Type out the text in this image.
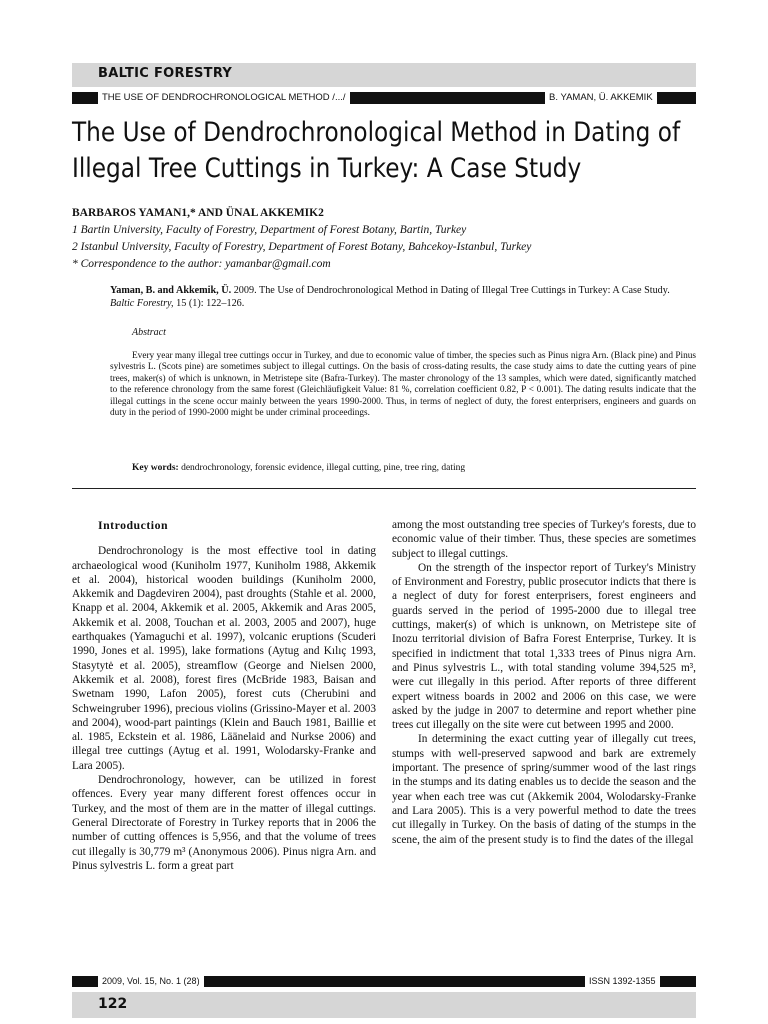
BALTIC FORESTRY
THE USE OF DENDROCHRONOLOGICAL METHOD /.../	B. YAMAN, Ü. AKKEMIK
The Use of Dendrochronological Method in Dating of
Illegal Tree Cuttings in Turkey: A Case Study
BARBAROS YAMAN1,* AND ÜNAL AKKEMIK2
1 Bartin University, Faculty of Forestry, Department of Forest Botany, Bartin, Turkey
2 Istanbul University, Faculty of Forestry, Department of Forest Botany, Bahcekoy-Istanbul, Turkey
* Correspondence to the author: yamanbar@gmail.com
Yaman, B. and Akkemik, Ü. 2009. The Use of Dendrochronological Method in Dating of Illegal Tree Cuttings in Turkey: A Case Study. Baltic Forestry, 15 (1): 122–126.
Abstract
Every year many illegal tree cuttings occur in Turkey, and due to economic value of timber, the species such as Pinus nigra Arn. (Black pine) and Pinus sylvestris L. (Scots pine) are sometimes subject to illegal cuttings. On the basis of cross-dating results, the case study aims to date the cutting years of pine trees, maker(s) of which is unknown, in Metristepe site (Bafra-Turkey). The master chronology of the 13 samples, which were dated, significantly matched to the reference chronology from the same forest (Gleichläufigkeit Value: 81 %, correlation coefficient 0.82, P < 0.001). The dating results indicate that the illegal cuttings in the scene occur mainly between the years 1990-2000. Thus, in terms of neglect of duty, the forest enterprisers, engineers and guards on duty in the period of 1990-2000 might be under criminal proceedings.
Key words: dendrochronology, forensic evidence, illegal cutting, pine, tree ring, dating

Introduction

Dendrochronology is the most effective tool in dating archaeological wood (Kuniholm 1977, Kuniholm 1988, Akkemik et al. 2004), historical wooden buildings (Kuniholm 2000, Akkemik and Dagdeviren 2004), past droughts (Stahle et al. 2000, Knapp et al. 2004, Akkemik et al. 2005, Akkemik and Aras 2005, Akkemik et al. 2008, Touchan et al. 2003, 2005 and 2007), huge earthquakes (Yamaguchi et al. 1997), volcanic eruptions (Scuderi 1990, Jones et al. 1995), lake formations (Aytug and Kılıç 1993, Stasytytė et al. 2005), streamflow (George and Nielsen 2000, Akkemik et al. 2008), forest fires (McBride 1983, Baisan and Swetnam 1990, Lafon 2005), forest cuts (Cherubini and Schweingruber 1996), precious violins (Grissino-Mayer et al. 2003 and 2004), wood-part paintings (Klein and Bauch 1981, Baillie et al. 1985, Eckstein et al. 1986, Läänelaid and Nurkse 2006) and illegal tree cuttings (Aytug et al. 1991, Wolodarsky-Franke and Lara 2005).

Dendrochronology, however, can be utilized in forest offences. Every year many different forest offences occur in Turkey, and the most of them are in the matter of illegal cuttings. General Directorate of Forestry in Turkey reports that in 2006 the number of cutting offences is 5,956, and that the volume of trees cut illegally is 30,779 m³ (Anonymous 2006). Pinus nigra Arn. and Pinus sylvestris L. form a great part

among the most outstanding tree species of Turkey's forests, due to economic value of their timber. Thus, these species are sometimes subject to illegal cuttings.

On the strength of the inspector report of Turkey's Ministry of Environment and Forestry, public prosecutor indicts that there is a neglect of duty for forest enterprisers, forest engineers and guards served in the period of 1995-2000 due to illegal tree cuttings, maker(s) of which is unknown, on Metristepe site of Inozu territorial division of Bafra Forest Enterprise, Turkey. It is specified in indictment that total 1,333 trees of Pinus nigra Arn. and Pinus sylvestris L., with total standing volume 394,525 m³, were cut illegally in this period. After reports of three different expert witness boards in 2002 and 2006 on this case, we were asked by the judge in 2007 to determine and report whether pine trees cut illegally on the site were cut between 1995 and 2000.

In determining the exact cutting year of illegally cut trees, stumps with well-preserved sapwood and bark are extremely important. The presence of spring/summer wood of the last rings in the stumps and its dating enables us to decide the season and the year when each tree was cut (Akkemik 2004, Wolodarsky-Franke and Lara 2005). This is a very powerful method to date the trees cut illegally in Turkey. On the basis of dating of the stumps in the scene, the aim of the present study is to find the dates of the illegal

2009, Vol. 15, No. 1 (28)	ISSN 1392-1355
122
